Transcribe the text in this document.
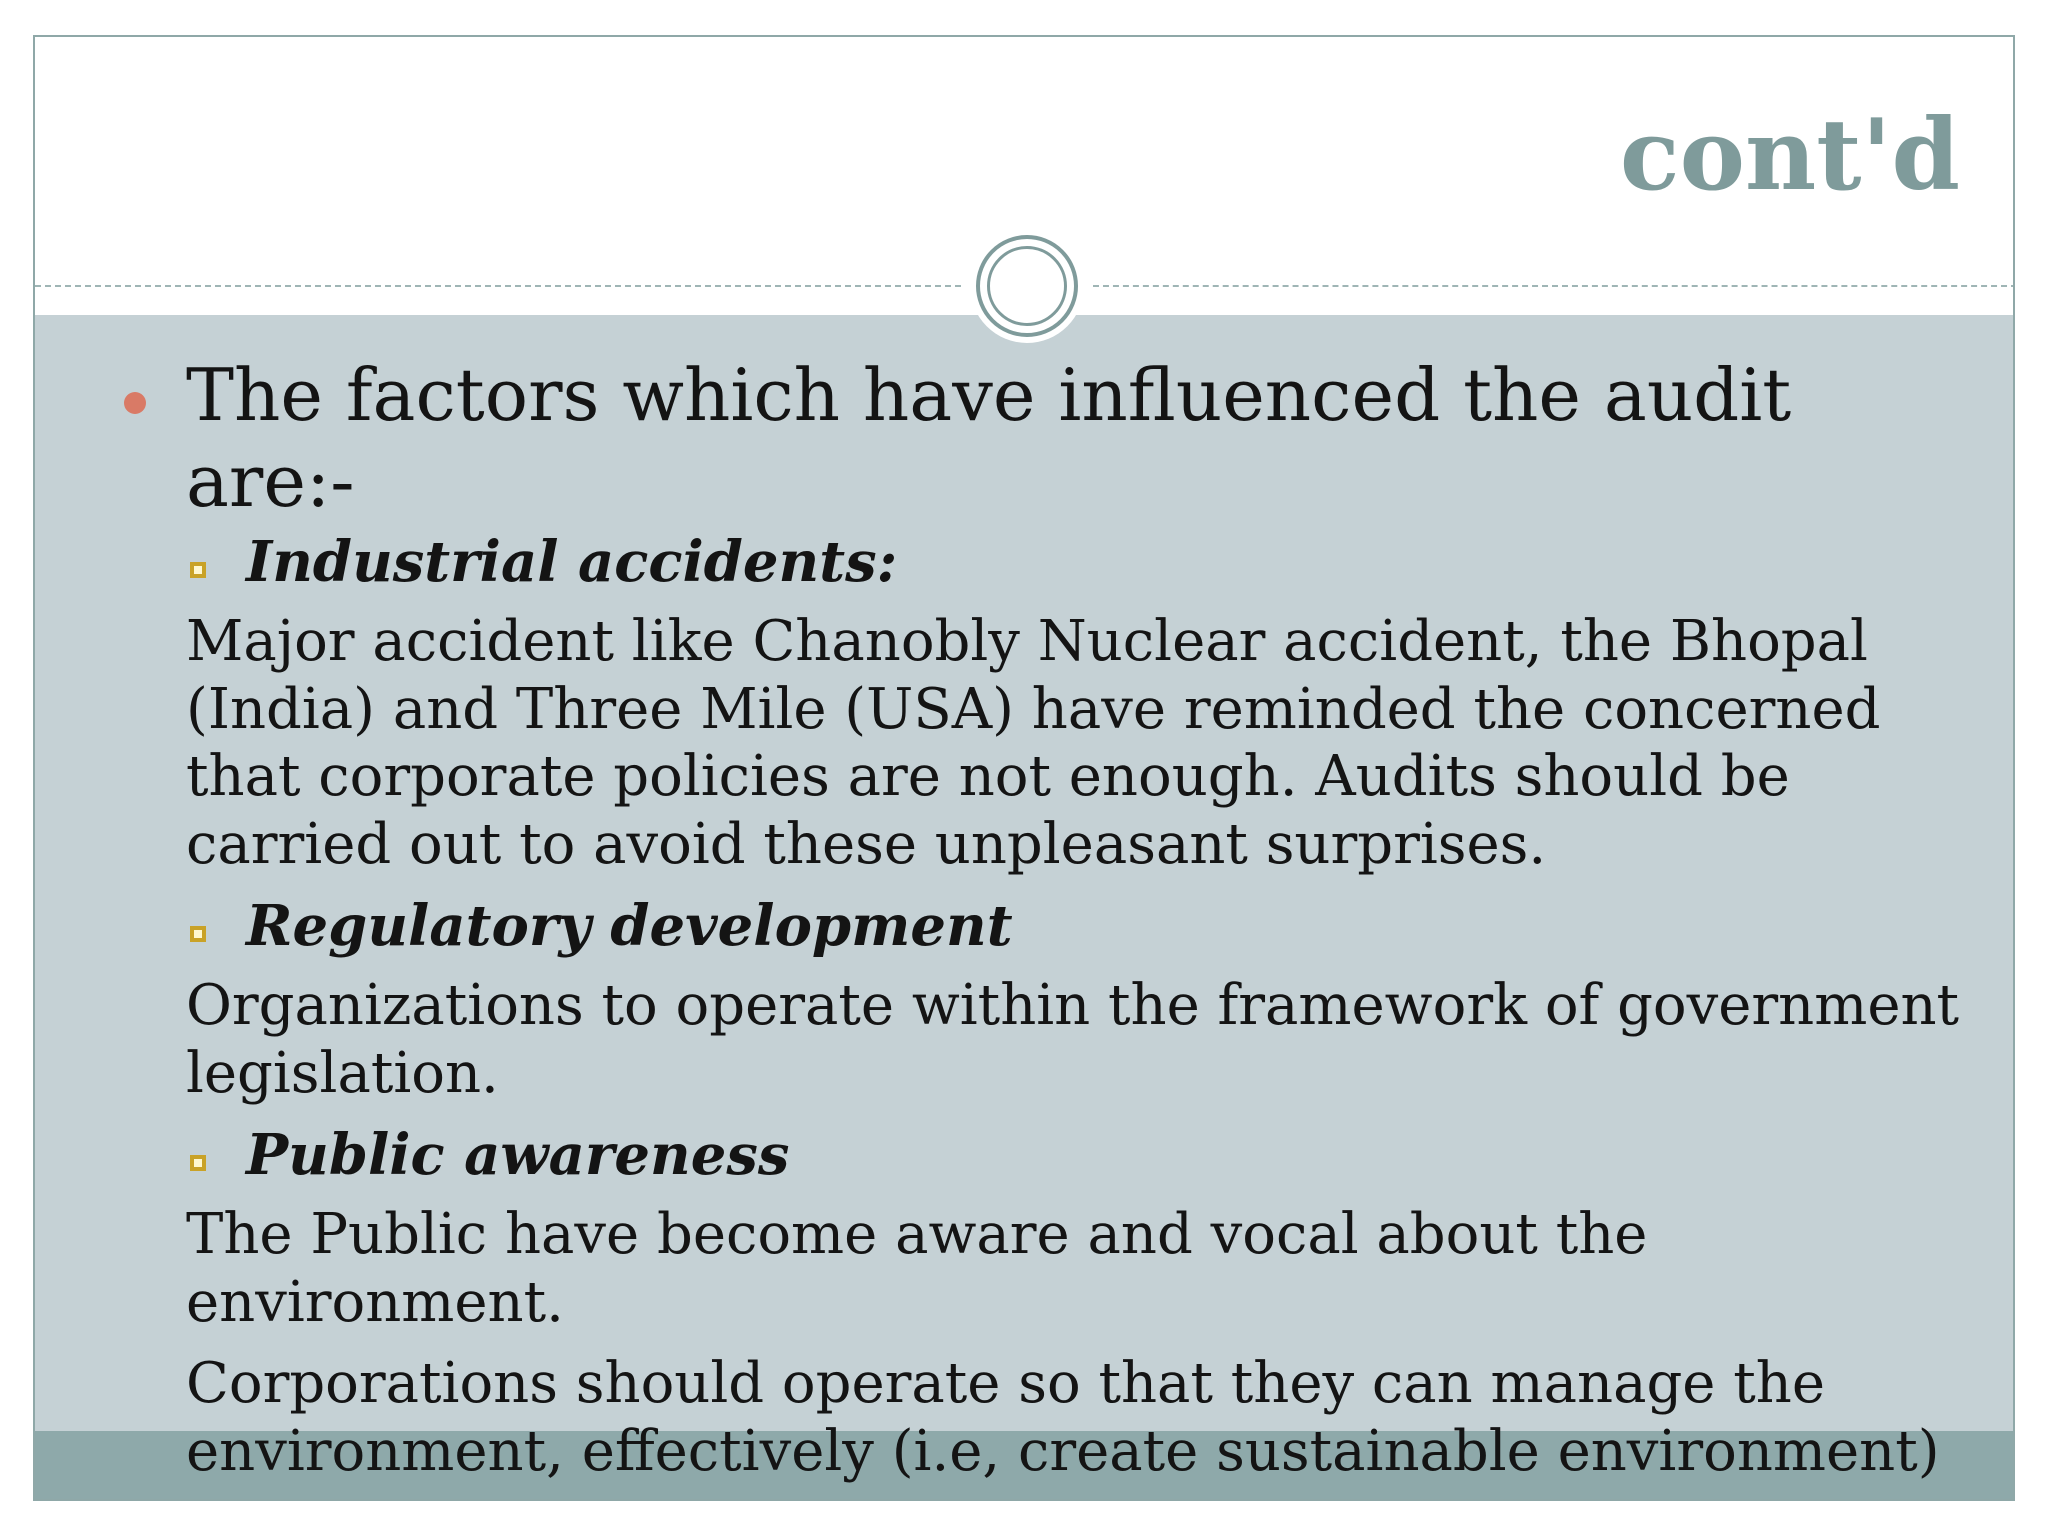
cont'd
The factors which have influenced the audit are:-
Industrial accidents:

Major accident like Chanobly Nuclear accident, the Bhopal (India) and Three Mile (USA) have reminded the concerned that corporate policies are not enough. Audits should be carried out to avoid these unpleasant surprises.

Regulatory development

Organizations to operate within the framework of government legislation.

Public awareness

The Public have become aware and vocal about the environment.

Corporations should operate so that they can manage the environment, effectively (i.e, create sustainable environment)
